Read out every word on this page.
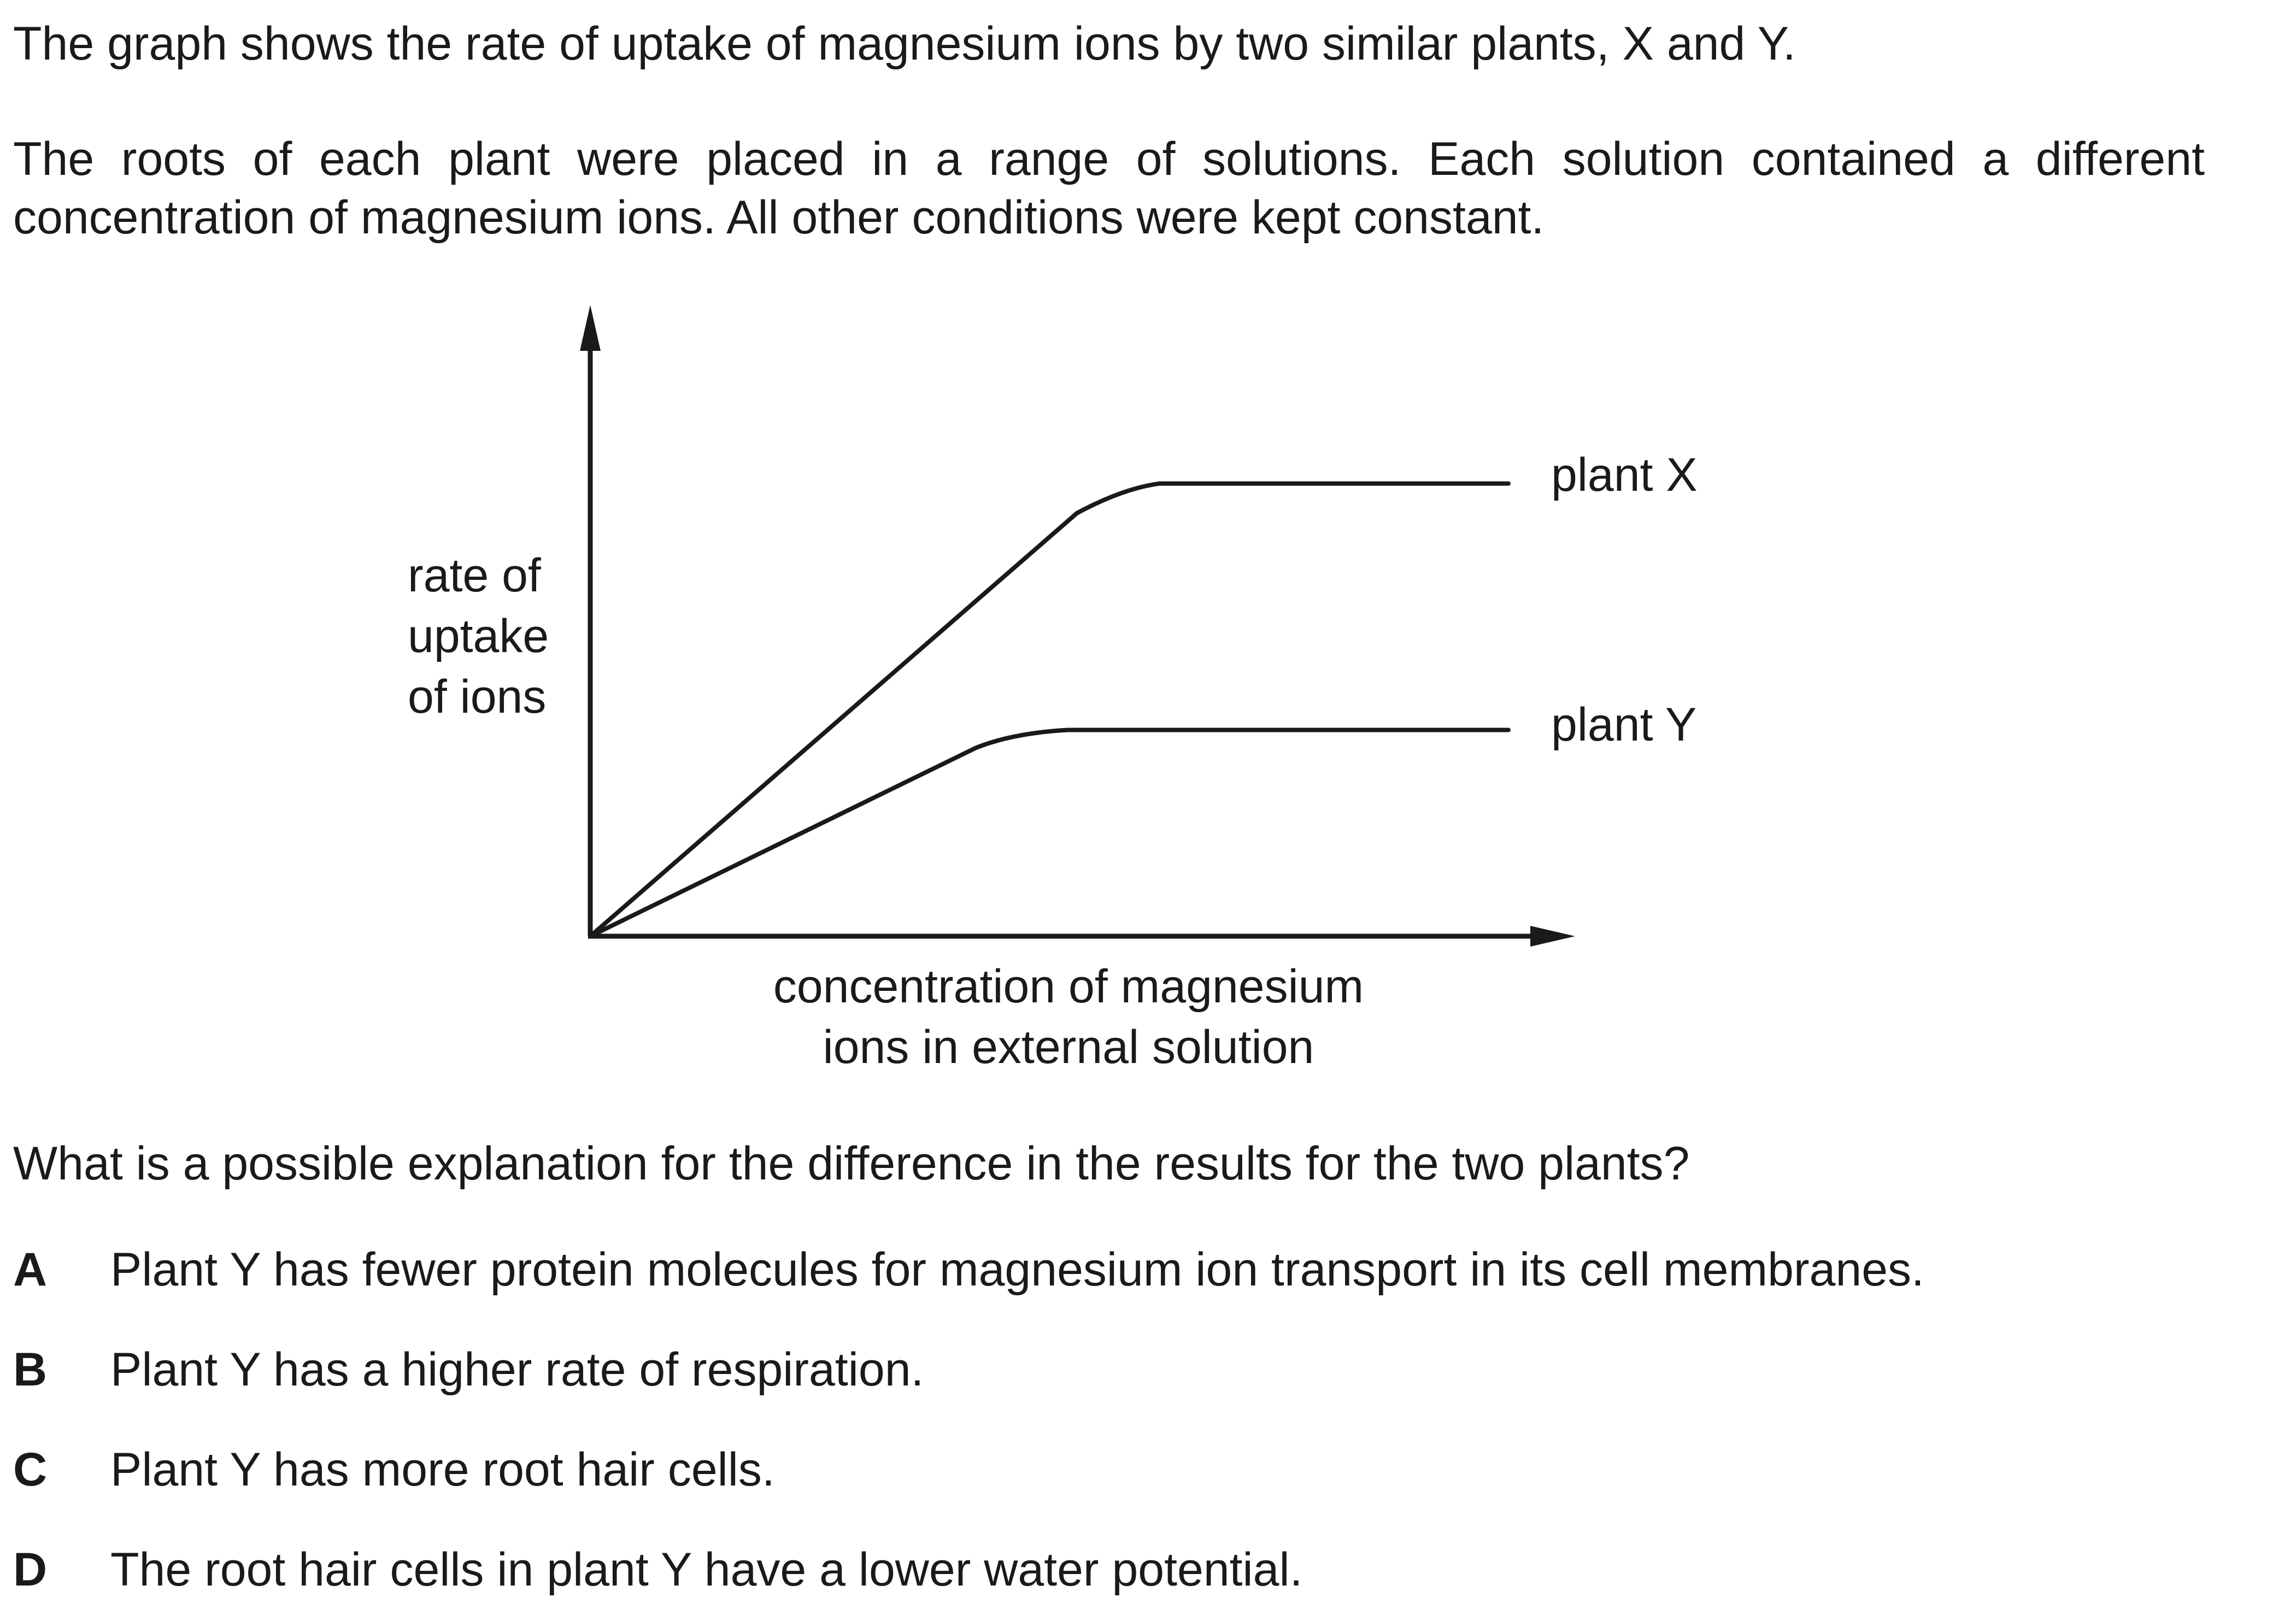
The graph shows the rate of uptake of magnesium ions by two similar plants, X and Y.

The roots of each plant were placed in a range of solutions. Each solution contained a different concentration of magnesium ions. All other conditions were kept constant.

plant X
plant Y
rate of
uptake
of ions
concentration of magnesium
ions in external solution

What is a possible explanation for the difference in the results for the two plants?

A Plant Y has fewer protein molecules for magnesium ion transport in its cell membranes.
B Plant Y has a higher rate of respiration.
C Plant Y has more root hair cells.
D The root hair cells in plant Y have a lower water potential.
